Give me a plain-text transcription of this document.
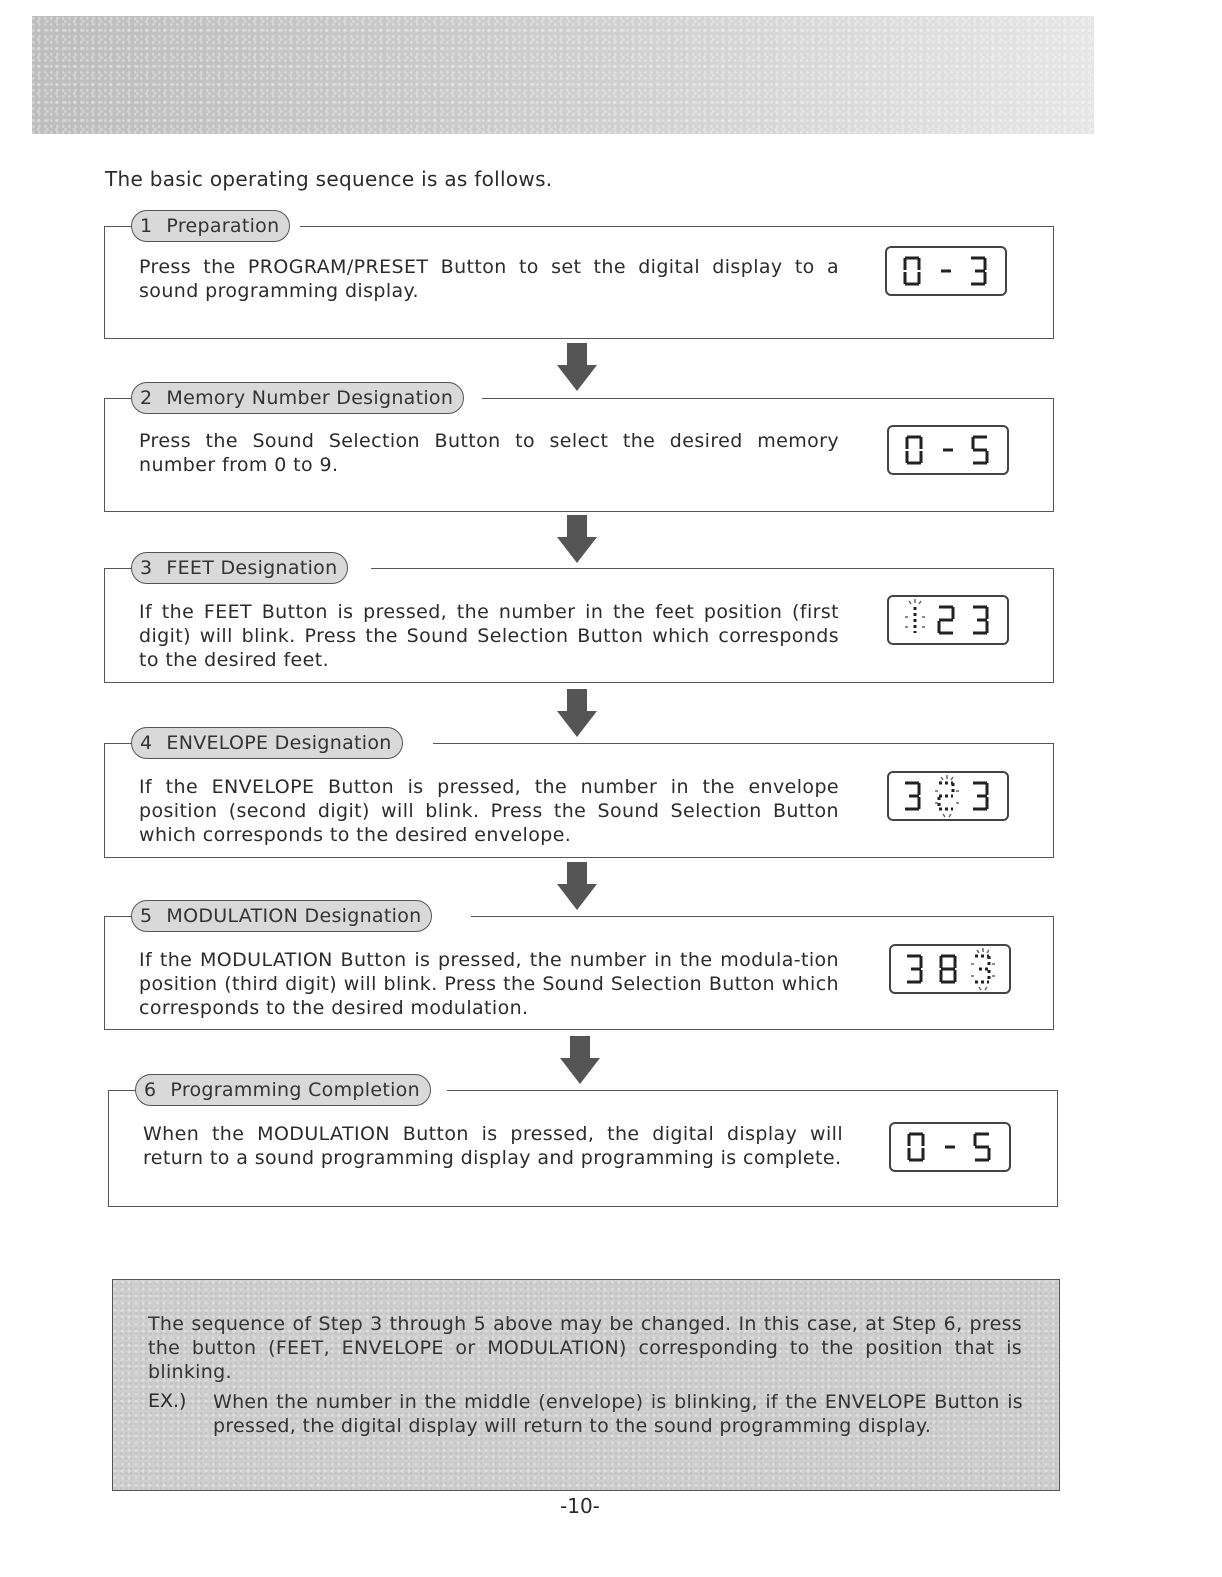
The basic operating sequence is as follows.
1 Preparation
Press the PROGRAM/PRESET Button to set the digital display to a sound programming display.
2 Memory Number Designation
Press the Sound Selection Button to select the desired memory number from 0 to 9.
3 FEET Designation
If the FEET Button is pressed, the number in the feet position (first digit) will blink. Press the Sound Selection Button which corresponds to the desired feet.
4 ENVELOPE Designation
If the ENVELOPE Button is pressed, the number in the envelope position (second digit) will blink. Press the Sound Selection Button which corresponds to the desired envelope.
5 MODULATION Designation
If the MODULATION Button is pressed, the number in the modula-tion position (third digit) will blink. Press the Sound Selection Button which corresponds to the desired modulation.
6 Programming Completion
When the MODULATION Button is pressed, the digital display will return to a sound programming display and programming is complete.
The sequence of Step 3 through 5 above may be changed. In this case, at Step 6, press the button (FEET, ENVELOPE or MODULATION) corresponding to the position that is blinking.
EX.) When the number in the middle (envelope) is blinking, if the ENVELOPE Button is pressed, the digital display will return to the sound programming display.
-10-
